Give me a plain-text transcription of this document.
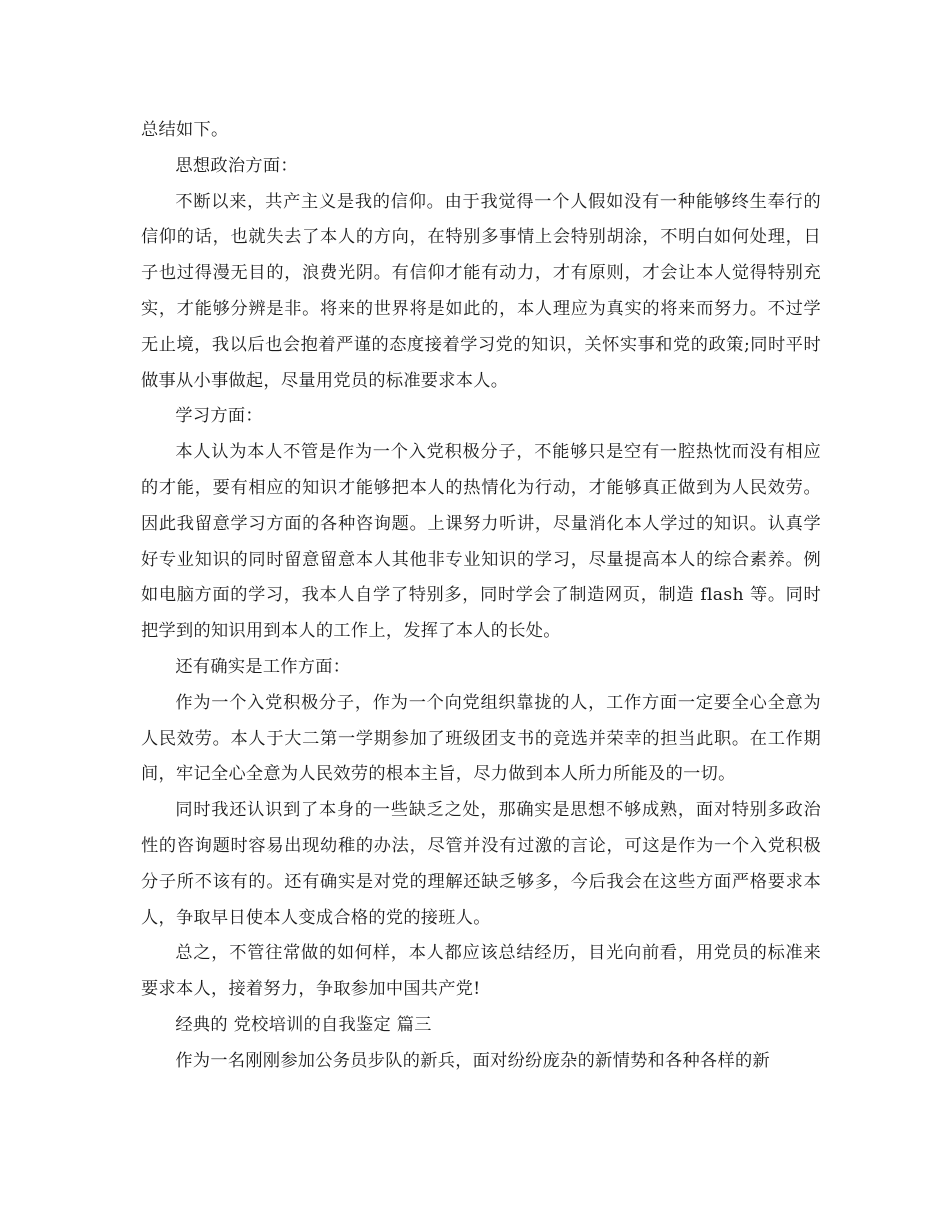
总结如下。

思想政治方面：

不断以来，共产主义是我的信仰。由于我觉得一个人假如没有一种能够终生奉行的信仰的话，也就失去了本人的方向，在特别多事情上会特别胡涂，不明白如何处理，日子也过得漫无目的，浪费光阴。有信仰才能有动力，才有原则，才会让本人觉得特别充实，才能够分辨是非。将来的世界将是如此的，本人理应为真实的将来而努力。不过学无止境，我以后也会抱着严谨的态度接着学习党的知识，关怀实事和党的政策;同时平时做事从小事做起，尽量用党员的标准要求本人。

学习方面：

本人认为本人不管是作为一个入党积极分子，不能够只是空有一腔热忱而没有相应的才能，要有相应的知识才能够把本人的热情化为行动，才能够真正做到为人民效劳。因此我留意学习方面的各种咨询题。上课努力听讲，尽量消化本人学过的知识。认真学好专业知识的同时留意留意本人其他非专业知识的学习，尽量提高本人的综合素养。例如电脑方面的学习，我本人自学了特别多，同时学会了制造网页，制造 flash 等。同时把学到的知识用到本人的工作上，发挥了本人的长处。

还有确实是工作方面：

作为一个入党积极分子，作为一个向党组织靠拢的人，工作方面一定要全心全意为人民效劳。本人于大二第一学期参加了班级团支书的竞选并荣幸的担当此职。在工作期间，牢记全心全意为人民效劳的根本主旨，尽力做到本人所力所能及的一切。

同时我还认识到了本身的一些缺乏之处，那确实是思想不够成熟，面对特别多政治性的咨询题时容易出现幼稚的办法，尽管并没有过激的言论，可这是作为一个入党积极分子所不该有的。还有确实是对党的理解还缺乏够多，今后我会在这些方面严格要求本人，争取早日使本人变成合格的党的接班人。

总之，不管往常做的如何样，本人都应该总结经历，目光向前看，用党员的标准来要求本人，接着努力，争取参加中国共产党!

经典的 党校培训的自我鉴定 篇三

作为一名刚刚参加公务员步队的新兵，面对纷纷庞杂的新情势和各种各样的新
